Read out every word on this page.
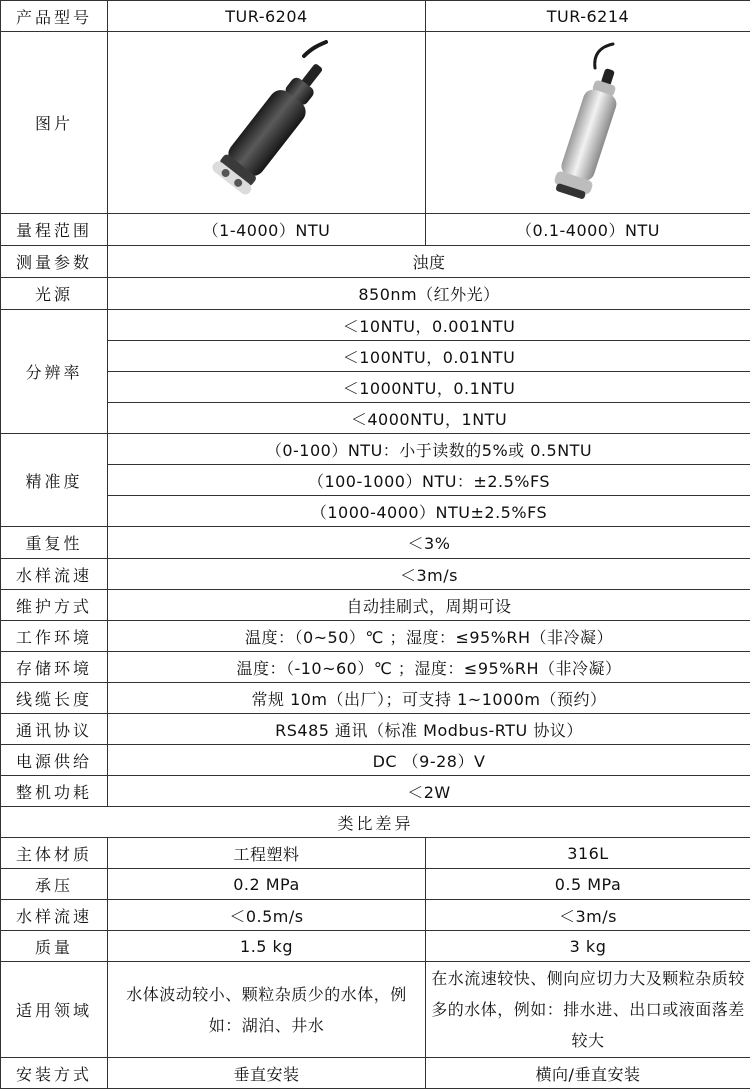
产品型号	TUR-6204	TUR-6214
图片	

量程范围	（1-4000）NTU	（0.1-4000）NTU
测量参数	浊度	
光源	850nm（红外光）	
分辨率	＜10NTU，0.001NTU	
	＜100NTU，0.01NTU	
	＜1000NTU，0.1NTU	
	＜4000NTU，1NTU	
精准度	（0-100）NTU：小于读数的5%或 0.5NTU	
	（100-1000）NTU：±2.5%FS	
	（1000-4000）NTU±2.5%FS	
重复性	＜3%	
水样流速	＜3m/s	
维护方式	自动挂刷式，周期可设	
工作环境	温度：（0~50）℃ ；湿度：≤95%RH（非冷凝）	
存储环境	温度：（-10~60）℃ ；湿度：≤95%RH（非冷凝）	
线缆长度	常规 10m（出厂）；可支持 1~1000m（预约）	
通讯协议	RS485 通讯（标准 Modbus-RTU 协议）	
电源供给	DC （9-28）V	
整机功耗	＜2W	
类比差异		
主体材质	工程塑料	316L
承压	0.2 MPa	0.5 MPa
水样流速	＜0.5m/s	＜3m/s
质量	1.5 kg	3 kg
适用领域	水体波动较小、颗粒杂质少的水体，例如：湖泊、井水	在水流速较快、侧向应切力大及颗粒杂质较多的水体，例如：排水进、出口或液面落差较大
安装方式	垂直安装	横向/垂直安装
